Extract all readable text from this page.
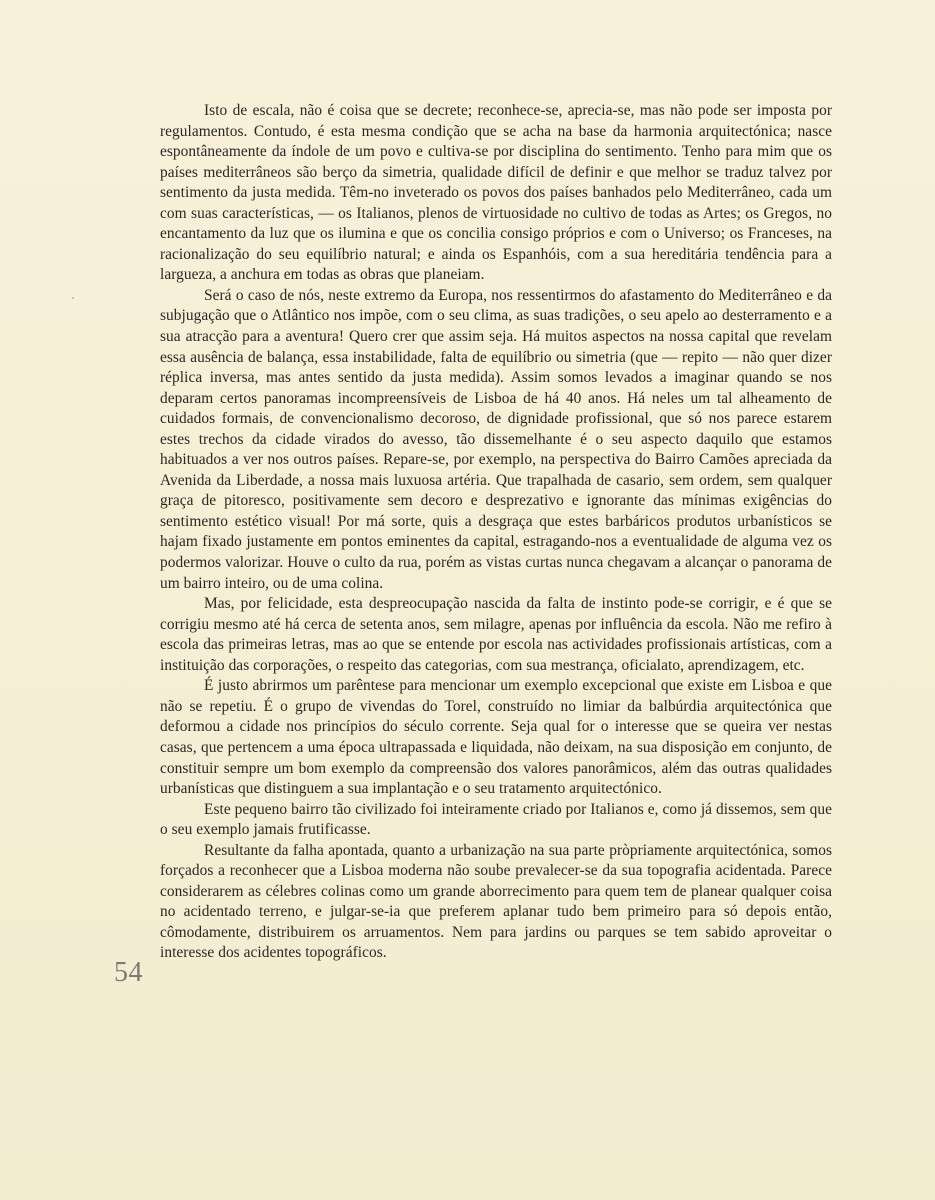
Isto de escala, não é coisa que se decrete; reconhece-se, aprecia-se, mas não pode ser imposta por regulamentos. Contudo, é esta mesma condição que se acha na base da harmonia arquitectónica; nasce espontâneamente da índole de um povo e cultiva-se por disciplina do sentimento. Tenho para mim que os países mediterrâneos são berço da simetria, qualidade difícil de definir e que melhor se traduz talvez por sentimento da justa medida. Têm-no inveterado os povos dos países banhados pelo Mediterrâneo, cada um com suas características, — os Italianos, plenos de virtuosidade no cultivo de todas as Artes; os Gregos, no encantamento da luz que os ilumina e que os concilia consigo próprios e com o Universo; os Franceses, na racionalização do seu equilíbrio natural; e ainda os Espanhóis, com a sua hereditária tendência para a largueza, a anchura em todas as obras que planeiam.

Será o caso de nós, neste extremo da Europa, nos ressentirmos do afastamento do Mediterrâneo e da subjugação que o Atlântico nos impõe, com o seu clima, as suas tradições, o seu apelo ao desterramento e a sua atracção para a aventura! Quero crer que assim seja. Há muitos aspectos na nossa capital que revelam essa ausência de balança, essa instabilidade, falta de equilíbrio ou simetria (que — repito — não quer dizer réplica inversa, mas antes sentido da justa medida). Assim somos levados a imaginar quando se nos deparam certos panoramas incompreensíveis de Lisboa de há 40 anos. Há neles um tal alheamento de cuidados formais, de convencionalismo decoroso, de dignidade profissional, que só nos parece estarem estes trechos da cidade virados do avesso, tão dissemelhante é o seu aspecto daquilo que estamos habituados a ver nos outros países. Repare-se, por exemplo, na perspectiva do Bairro Camões apreciada da Avenida da Liberdade, a nossa mais luxuosa artéria. Que trapalhada de casario, sem ordem, sem qualquer graça de pitoresco, positivamente sem decoro e desprezativo e ignorante das mínimas exigências do sentimento estético visual! Por má sorte, quis a desgraça que estes barbáricos produtos urbanísticos se hajam fixado justamente em pontos eminentes da capital, estragando-nos a eventualidade de alguma vez os podermos valorizar. Houve o culto da rua, porém as vistas curtas nunca chegavam a alcançar o panorama de um bairro inteiro, ou de uma colina.

Mas, por felicidade, esta despreocupação nascida da falta de instinto pode-se corrigir, e é que se corrigiu mesmo até há cerca de setenta anos, sem milagre, apenas por influência da escola. Não me refiro à escola das primeiras letras, mas ao que se entende por escola nas actividades profissionais artísticas, com a instituição das corporações, o respeito das categorias, com sua mestrança, oficialato, aprendizagem, etc.

É justo abrirmos um parêntese para mencionar um exemplo excepcional que existe em Lisboa e que não se repetiu. É o grupo de vivendas do Torel, construído no limiar da balbúrdia arquitectónica que deformou a cidade nos princípios do século corrente. Seja qual for o interesse que se queira ver nestas casas, que pertencem a uma época ultrapassada e liquidada, não deixam, na sua disposição em conjunto, de constituir sempre um bom exemplo da compreensão dos valores panorâmicos, além das outras qualidades urbanísticas que distinguem a sua implantação e o seu tratamento arquitectónico.

Este pequeno bairro tão civilizado foi inteiramente criado por Italianos e, como já dissemos, sem que o seu exemplo jamais frutificasse.

Resultante da falha apontada, quanto a urbanização na sua parte pròpriamente arquitectónica, somos forçados a reconhecer que a Lisboa moderna não soube prevalecer-se da sua topografia acidentada. Parece considerarem as célebres colinas como um grande aborrecimento para quem tem de planear qualquer coisa no acidentado terreno, e julgar-se-ia que preferem aplanar tudo bem primeiro para só depois então, cômodamente, distribuirem os arruamentos. Nem para jardins ou parques se tem sabido aproveitar o interesse dos acidentes topográficos.

54
